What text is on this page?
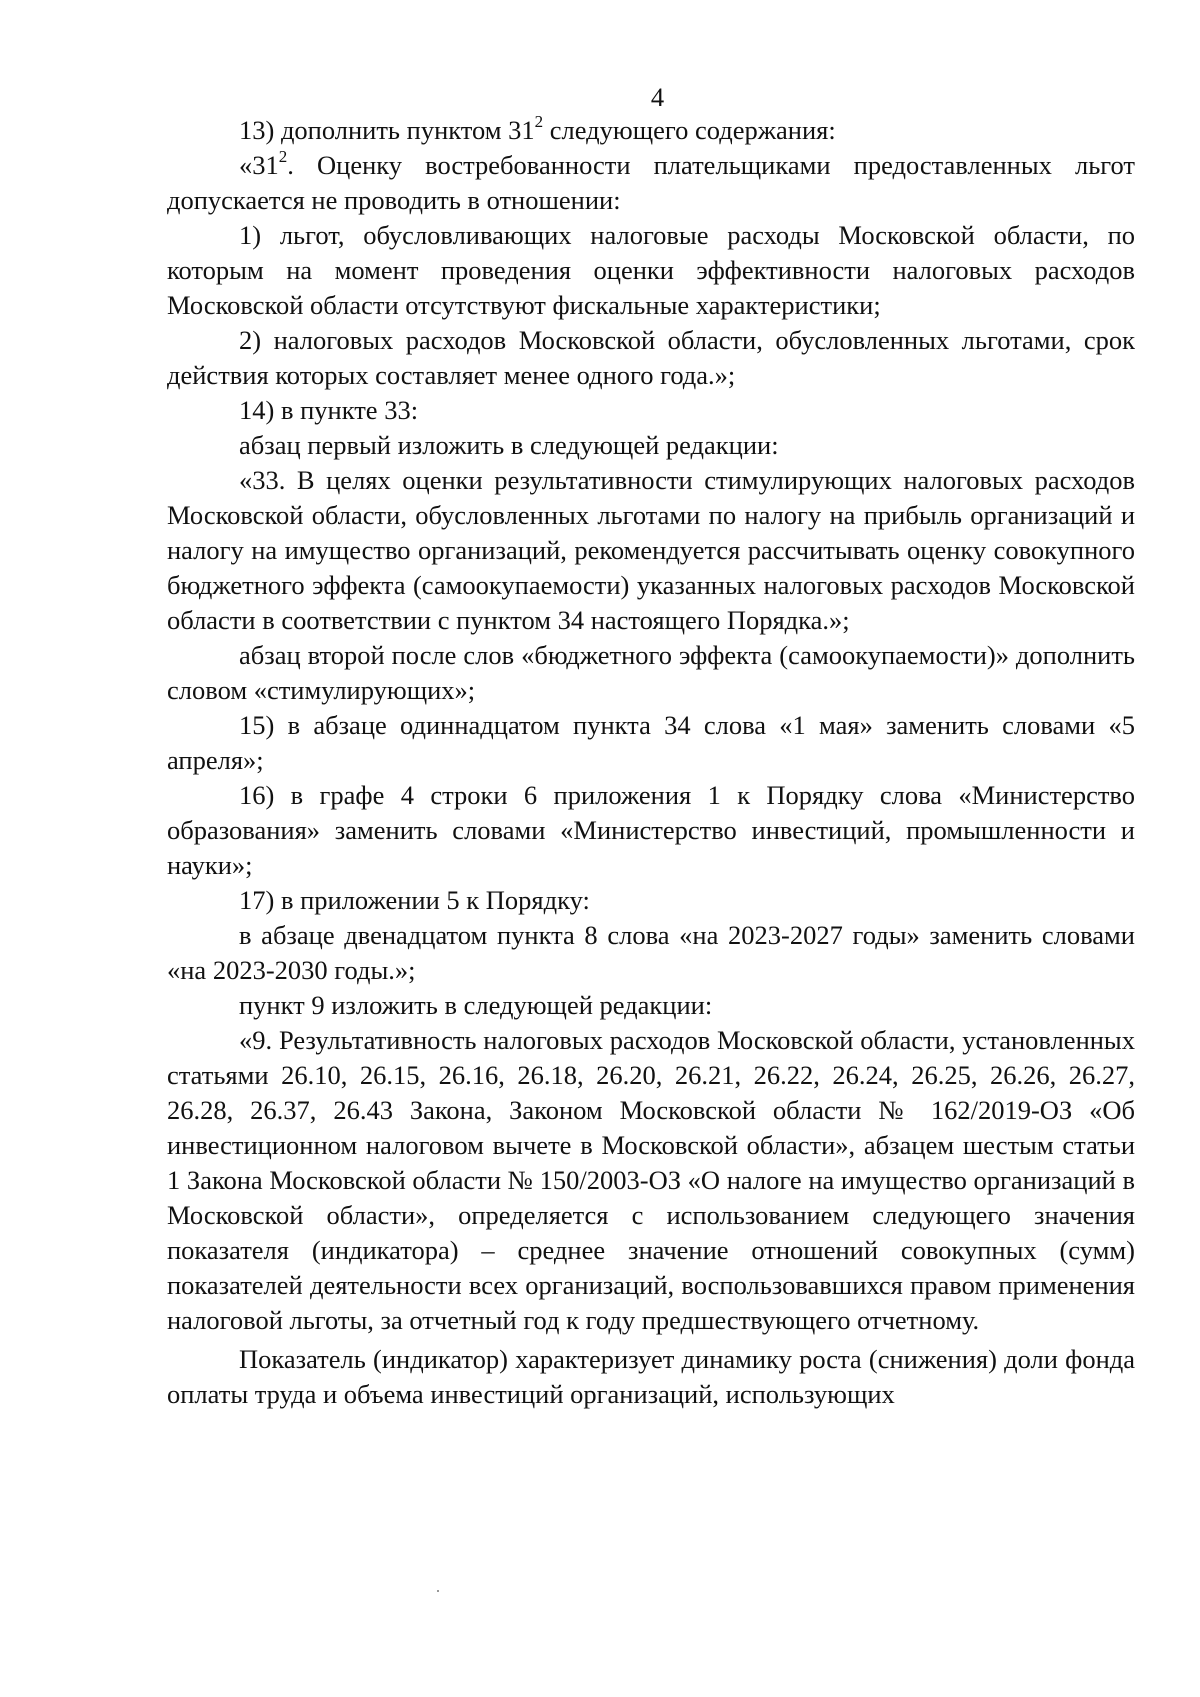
4

13) дополнить пунктом $31^2$ следующего содержания:

«$31^2$. Оценку востребованности плательщиками предоставленных льгот допускается не проводить в отношении:

1) льгот, обусловливающих налоговые расходы Московской области, по которым на момент проведения оценки эффективности налоговых расходов Московской области отсутствуют фискальные характеристики;

2) налоговых расходов Московской области, обусловленных льготами, срок действия которых составляет менее одного года.»;

14) в пункте 33:

абзац первый изложить в следующей редакции:

«33. В целях оценки результативности стимулирующих налоговых расходов Московской области, обусловленных льготами по налогу на прибыль организаций и налогу на имущество организаций, рекомендуется рассчитывать оценку совокупного бюджетного эффекта (самоокупаемости) указанных налоговых расходов Московской области в соответствии с пунктом 34 настоящего Порядка.»;

абзац второй после слов «бюджетного эффекта (самоокупаемости)» дополнить словом «стимулирующих»;

15) в абзаце одиннадцатом пункта 34 слова «1 мая» заменить словами «5 апреля»;

16) в графе 4 строки 6 приложения 1 к Порядку слова «Министерство образования» заменить словами «Министерство инвестиций, промышленности и науки»;

17) в приложении 5 к Порядку:

в абзаце двенадцатом пункта 8 слова «на 2023-2027 годы» заменить словами «на 2023-2030 годы.»;

пункт 9 изложить в следующей редакции:

«9. Результативность налоговых расходов Московской области, установленных статьями 26.10, 26.15, 26.16, 26.18, 26.20, 26.21, 26.22, 26.24, 26.25, 26.26, 26.27, 26.28, 26.37, 26.43 Закона, Законом Московской области № 162/2019-ОЗ «Об инвестиционном налоговом вычете в Московской области», абзацем шестым статьи 1 Закона Московской области № 150/2003-ОЗ «О налоге на имущество организаций в Московской области», определяется с использованием следующего значения показателя (индикатора) – среднее значение отношений совокупных (сумм) показателей деятельности всех организаций, воспользовавшихся правом применения налоговой льготы, за отчетный год к году предшествующего отчетному.

Показатель (индикатор) характеризует динамику роста (снижения) доли фонда оплаты труда и объема инвестиций организаций, использующих
